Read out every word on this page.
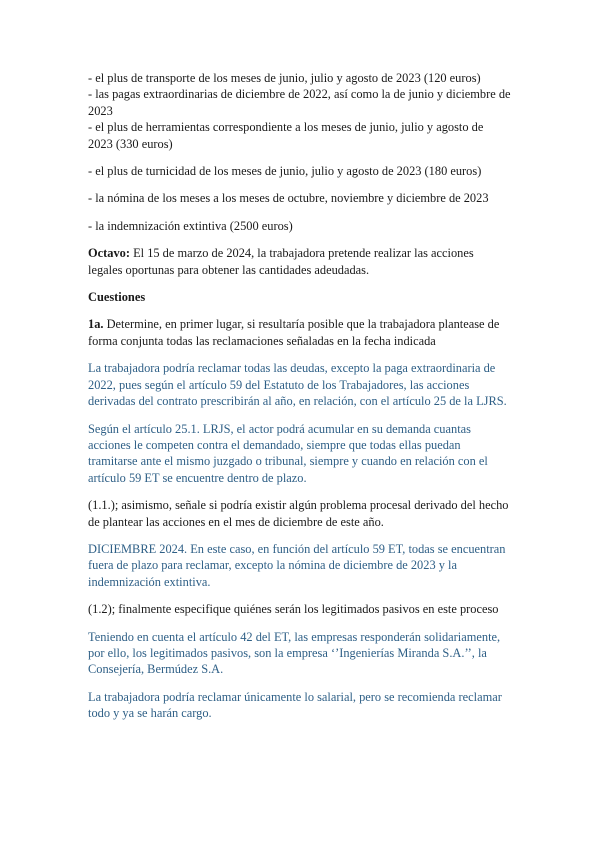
- el plus de transporte de los meses de junio, julio y agosto de 2023 (120 euros)

- las pagas extraordinarias de diciembre de 2022, así como la de junio y diciembre de 2023

- el plus de herramientas correspondiente a los meses de junio, julio y agosto de 2023 (330 euros)

- el plus de turnicidad de los meses de junio, julio y agosto de 2023 (180 euros)

- la nómina de los meses a los meses de octubre, noviembre y diciembre de 2023

- la indemnización extintiva (2500 euros)

Octavo: El 15 de marzo de 2024, la trabajadora pretende realizar las acciones legales oportunas para obtener las cantidades adeudadas.

Cuestiones

1a. Determine, en primer lugar, si resultaría posible que la trabajadora plantease de forma conjunta todas las reclamaciones señaladas en la fecha indicada

La trabajadora podría reclamar todas las deudas, excepto la paga extraordinaria de 2022, pues según el artículo 59 del Estatuto de los Trabajadores, las acciones derivadas del contrato prescribirán al año, en relación, con el artículo 25 de la LJRS.

Según el artículo 25.1. LRJS, el actor podrá acumular en su demanda cuantas acciones le competen contra el demandado, siempre que todas ellas puedan tramitarse ante el mismo juzgado o tribunal, siempre y cuando en relación con el artículo 59 ET se encuentre dentro de plazo.

(1.1.); asimismo, señale si podría existir algún problema procesal derivado del hecho de plantear las acciones en el mes de diciembre de este año.

DICIEMBRE 2024. En este caso, en función del artículo 59 ET, todas se encuentran fuera de plazo para reclamar, excepto la nómina de diciembre de 2023 y la indemnización extintiva.

(1.2); finalmente especifique quiénes serán los legitimados pasivos en este proceso

Teniendo en cuenta el artículo 42 del ET, las empresas responderán solidariamente, por ello, los legitimados pasivos, son la empresa ‘’Ingenierías Miranda S.A.’’, la Consejería, Bermúdez S.A.

La trabajadora podría reclamar únicamente lo salarial, pero se recomienda reclamar todo y ya se harán cargo.
